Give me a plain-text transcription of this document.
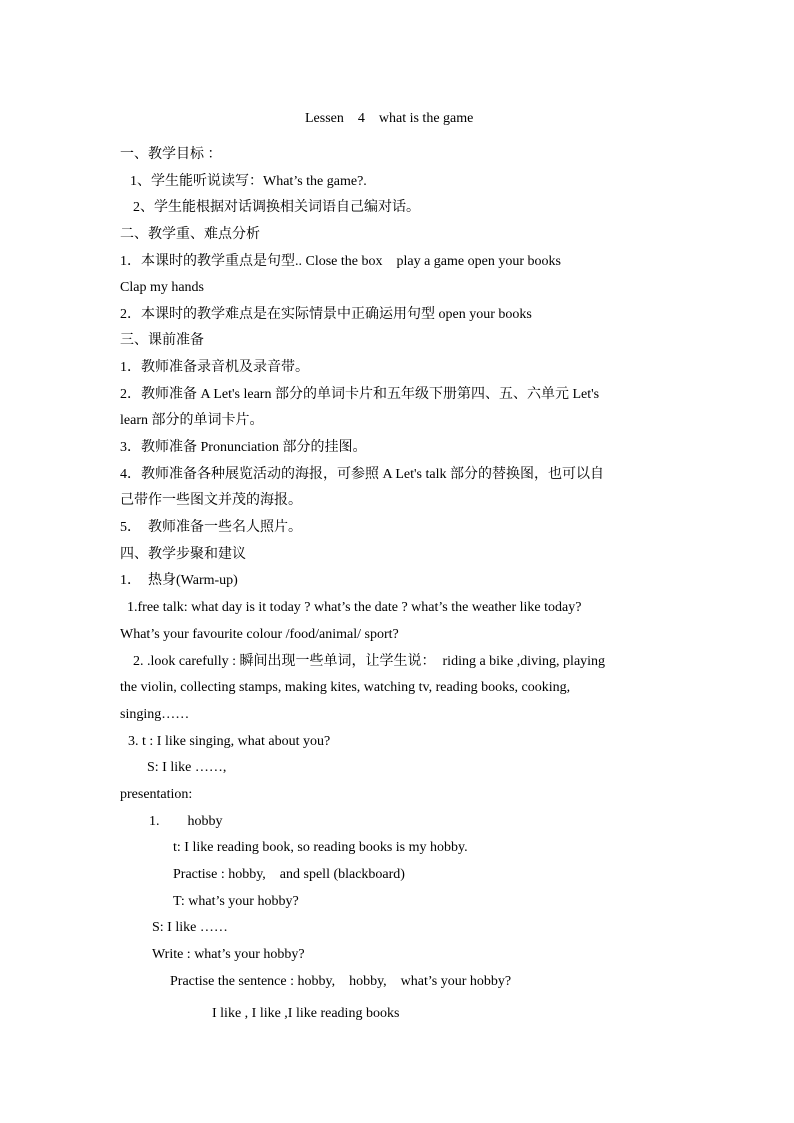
Lessen　4　what is the game
一、教学目标 ：
1、学生能听说读写：What’s the game?.
2、学生能根据对话调换相关词语自己编对话。
二、教学重、难点分析
1．本课时的教学重点是句型.. Close the box　play a game open your books
Clap my hands
2．本课时的教学难点是在实际情景中正确运用句型 open your books
三、课前准备
1．教师准备录音机及录音带。
2．教师准备 A Let's learn 部分的单词卡片和五年级下册第四、五、六单元 Let's
learn 部分的单词卡片。
3．教师准备 Pronunciation 部分的挂图。
4．教师准备各种展览活动的海报，可参照 A Let's talk 部分的替换图，也可以自
己带作一些图文并茂的海报。
5．　教师准备一些名人照片。
四、教学步聚和建议
1．　热身(Warm-up)
1.free talk: what day is it today ? what’s the date ? what’s the weather like today?
What’s your favourite colour /food/animal/ sport?
2. .look carefully : 瞬间出现一些单词，让学生说：　riding a bike ,diving, playing
the violin, collecting stamps, making kites, watching tv, reading books, cooking,
singing……
3. t : I like singing, what about you?
S: I like ……,
presentation:
1.　　hobby
t: I like reading book, so reading books is my hobby.
Practise : hobby,　and spell (blackboard)
T: what’s your hobby?
S: I like ……
Write : what’s your hobby?
Practise the sentence : hobby,　hobby,　what’s your hobby?
I like , I like ,I like reading books
